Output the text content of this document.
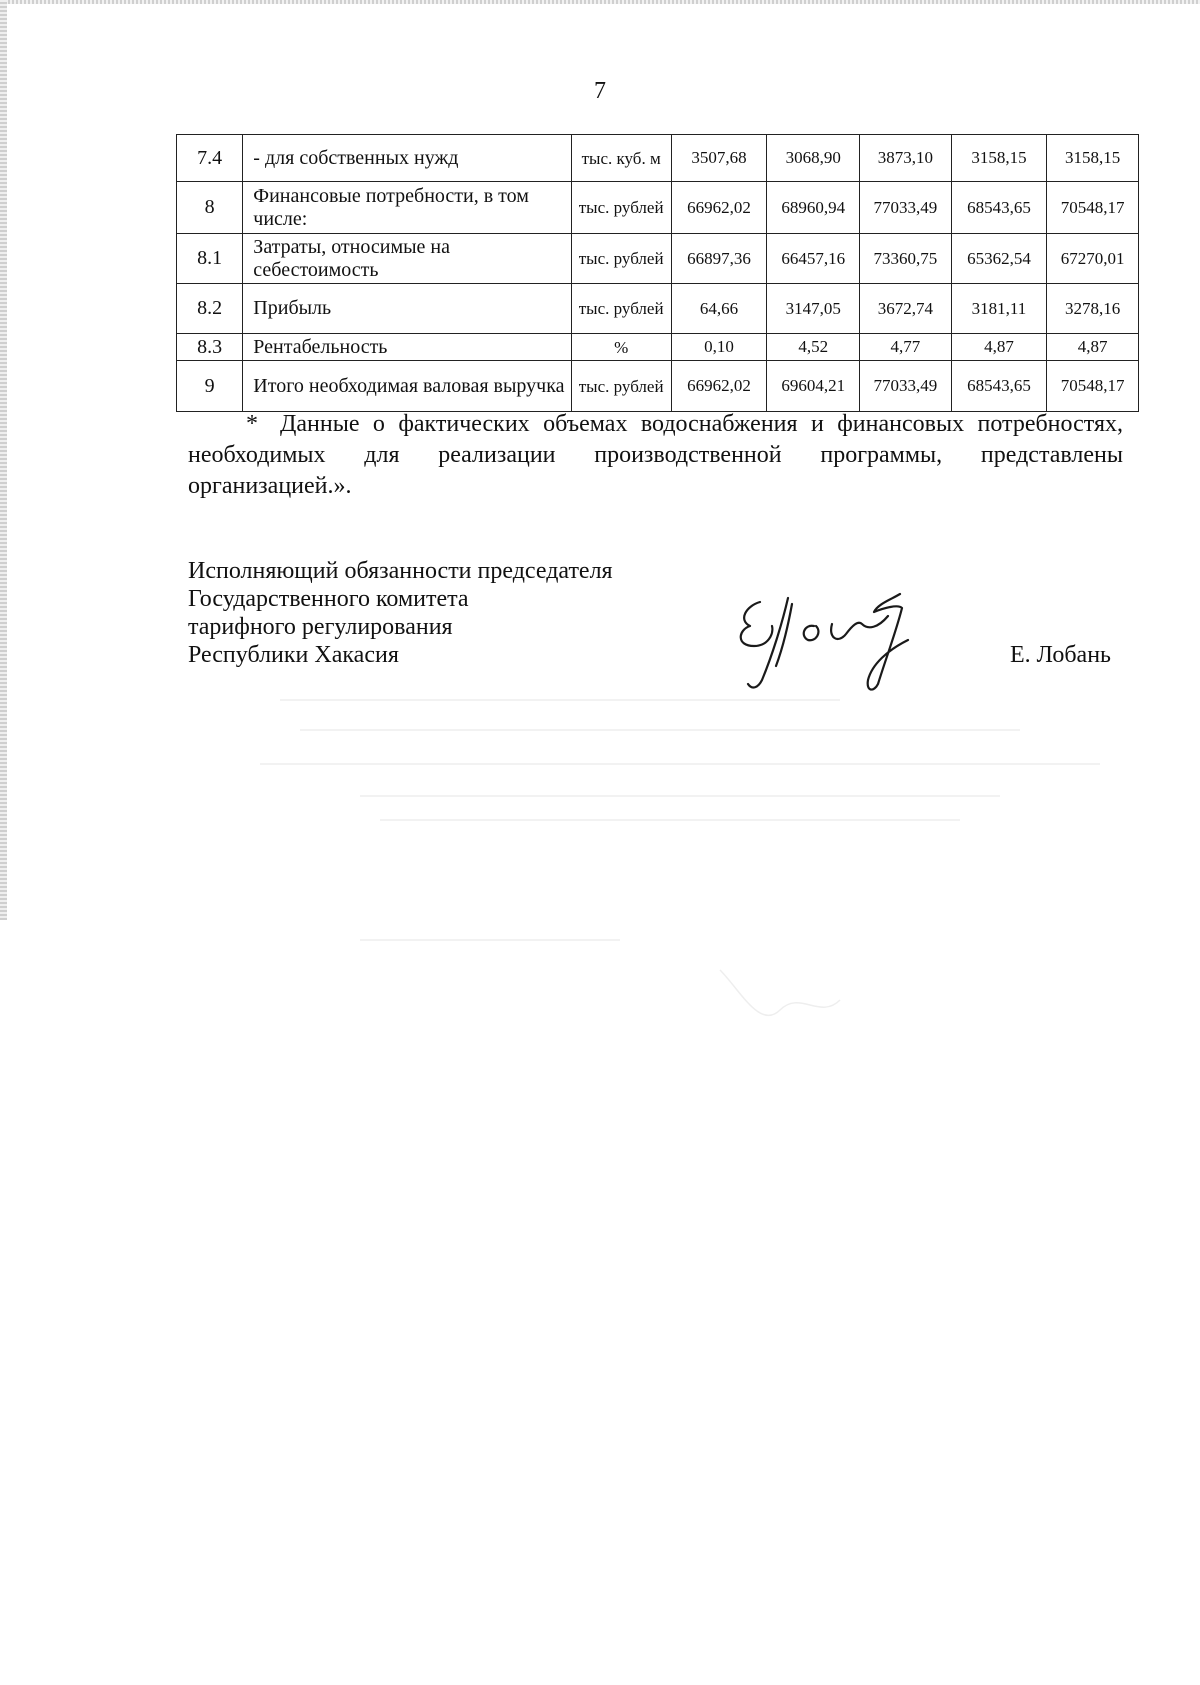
7
7.4	- для собственных нужд	тыс. куб. м	3507,68	3068,90	3873,10	3158,15	3158,15
8	Финансовые потребности, в том числе:	тыс. рублей	66962,02	68960,94	77033,49	68543,65	70548,17
8.1	Затраты, относимые на себестоимость	тыс. рублей	66897,36	66457,16	73360,75	65362,54	67270,01
8.2	Прибыль	тыс. рублей	64,66	3147,05	3672,74	3181,11	3278,16
8.3	Рентабельность	%	0,10	4,52	4,77	4,87	4,87
9	Итого необходимая валовая выручка	тыс. рублей	66962,02	69604,21	77033,49	68543,65	70548,17
* Данные о фактических объемах водоснабжения и финансовых потребностях, необходимых для реализации производственной программы, представлены организацией.».
Исполняющий обязанности председателя
Государственного комитета
тарифного регулирования
Республики Хакасия	Е. Лобань
